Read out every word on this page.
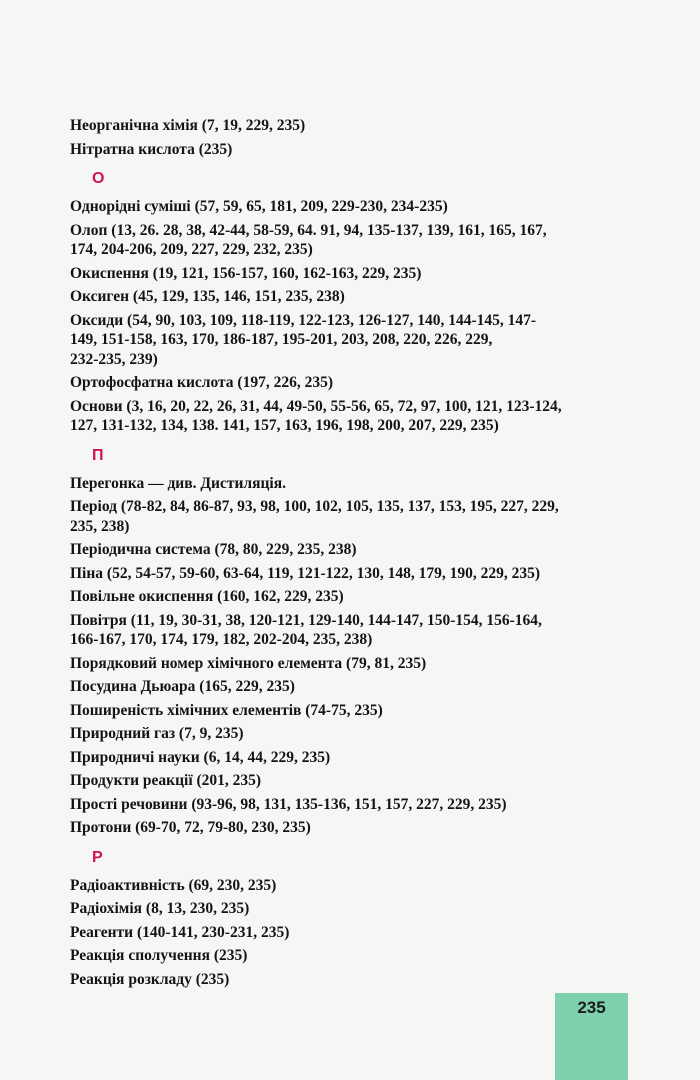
Неорганічна хімія (7, 19, 229, 235)
Нітратна кислота (235)
О
Однорідні суміші (57, 59, 65, 181, 209, 229-230, 234-235)
Олоп (13, 26. 28, 38, 42-44, 58-59, 64. 91, 94, 135-137, 139, 161, 165, 167,
174, 204-206, 209, 227, 229, 232, 235)
Окиспення (19, 121, 156-157, 160, 162-163, 229, 235)
Оксиген (45, 129, 135, 146, 151, 235, 238)
Оксиди (54, 90, 103, 109, 118-119, 122-123, 126-127, 140, 144-145, 147-
149, 151-158, 163, 170, 186-187, 195-201, 203, 208, 220, 226, 229,
232-235, 239)
Ортофосфатна кислота (197, 226, 235)
Основи (3, 16, 20, 22, 26, 31, 44, 49-50, 55-56, 65, 72, 97, 100, 121, 123-124,
127, 131-132, 134, 138. 141, 157, 163, 196, 198, 200, 207, 229, 235)
П
Перегонка — див. Дистиляція.
Період (78-82, 84, 86-87, 93, 98, 100, 102, 105, 135, 137, 153, 195, 227, 229,
235, 238)
Періодична система (78, 80, 229, 235, 238)
Піна (52, 54-57, 59-60, 63-64, 119, 121-122, 130, 148, 179, 190, 229, 235)
Повільне окиспення (160, 162, 229, 235)
Повітря (11, 19, 30-31, 38, 120-121, 129-140, 144-147, 150-154, 156-164,
166-167, 170, 174, 179, 182, 202-204, 235, 238)
Порядковий номер хімічного елемента (79, 81, 235)
Посудина Дьюара (165, 229, 235)
Поширеність хімічних елементів (74-75, 235)
Природний газ (7, 9, 235)
Природничі науки (6, 14, 44, 229, 235)
Продукти реакції (201, 235)
Прості речовини (93-96, 98, 131, 135-136, 151, 157, 227, 229, 235)
Протони (69-70, 72, 79-80, 230, 235)
Р
Радіоактивність (69, 230, 235)
Радіохімія (8, 13, 230, 235)
Реагенти (140-141, 230-231, 235)
Реакція сполучення (235)
Реакція розкладу (235)
235
